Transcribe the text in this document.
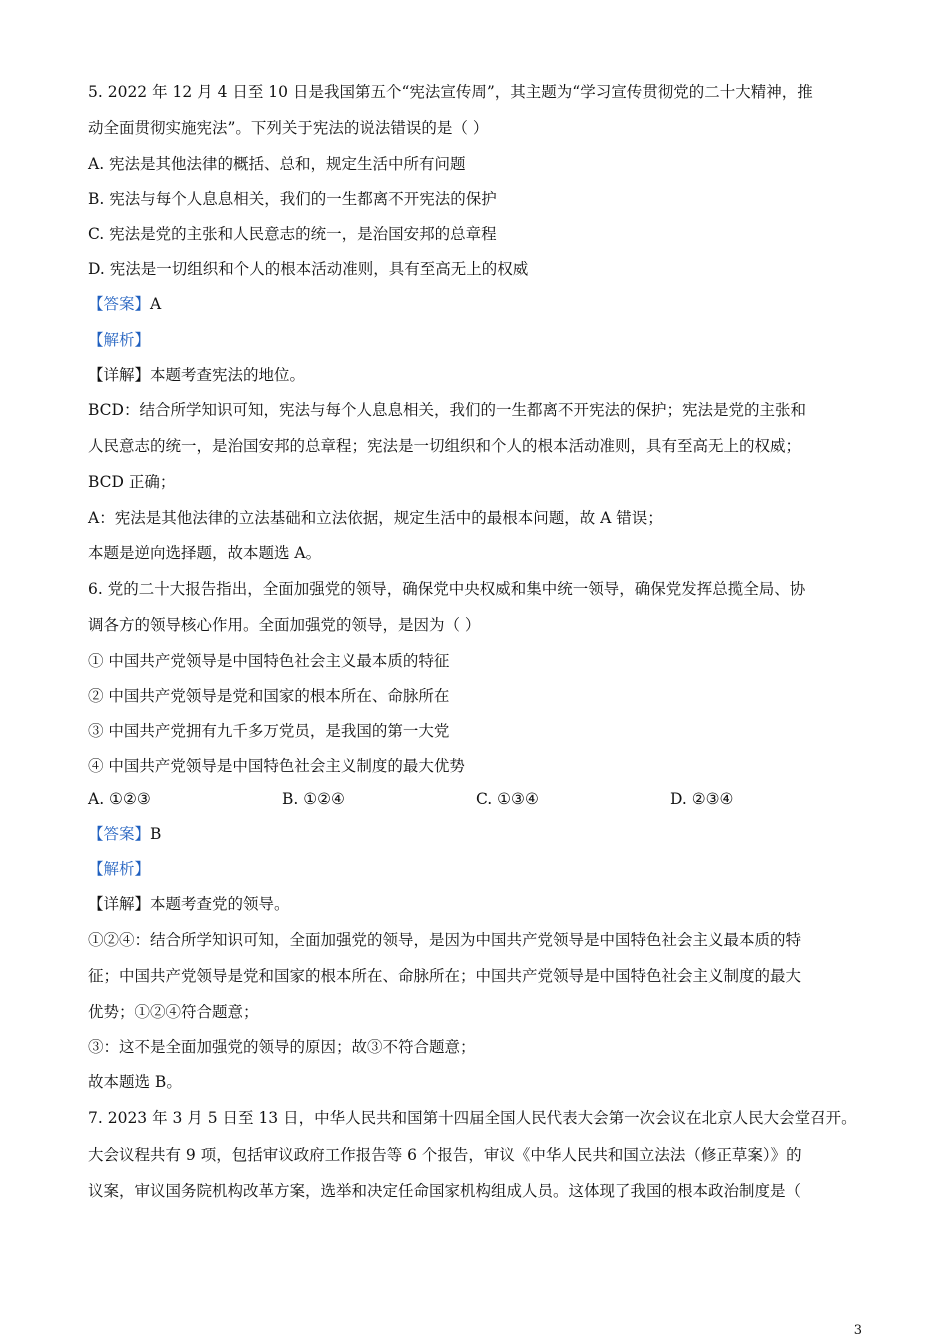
5. 2022 年 12 月 4 日至 10 日是我国第五个“宪法宣传周”，其主题为“学习宣传贯彻党的二十大精神，推
动全面贯彻实施宪法”。下列关于宪法的说法错误的是（ ）
A. 宪法是其他法律的概括、总和，规定生活中所有问题
B. 宪法与每个人息息相关，我们的一生都离不开宪法的保护
C. 宪法是党的主张和人民意志的统一，是治国安邦的总章程
D. 宪法是一切组织和个人的根本活动准则，具有至高无上的权威
【答案】A
【解析】
【详解】本题考查宪法的地位。
BCD：结合所学知识可知，宪法与每个人息息相关，我们的一生都离不开宪法的保护；宪法是党的主张和
人民意志的统一，是治国安邦的总章程；宪法是一切组织和个人的根本活动准则，具有至高无上的权威；
BCD 正确；
A：宪法是其他法律的立法基础和立法依据，规定生活中的最根本问题，故 A 错误；
本题是逆向选择题，故本题选 A。
6. 党的二十大报告指出，全面加强党的领导，确保党中央权威和集中统一领导，确保党发挥总揽全局、协
调各方的领导核心作用。全面加强党的领导，是因为（ ）
① 中国共产党领导是中国特色社会主义最本质的特征
② 中国共产党领导是党和国家的根本所在、命脉所在
③ 中国共产党拥有九千多万党员，是我国的第一大党
④ 中国共产党领导是中国特色社会主义制度的最大优势
A. ①②③	B. ①②④	C. ①③④	D. ②③④
【答案】B
【解析】
【详解】本题考查党的领导。
①②④：结合所学知识可知，全面加强党的领导，是因为中国共产党领导是中国特色社会主义最本质的特
征；中国共产党领导是党和国家的根本所在、命脉所在；中国共产党领导是中国特色社会主义制度的最大
优势；①②④符合题意；
③：这不是全面加强党的领导的原因；故③不符合题意；
故本题选 B。
7. 2023 年 3 月 5 日至 13 日，中华人民共和国第十四届全国人民代表大会第一次会议在北京人民大会堂召开。
大会议程共有 9 项，包括审议政府工作报告等 6 个报告，审议《中华人民共和国立法法（修正草案）》的
议案，审议国务院机构改革方案，选举和决定任命国家机构组成人员。这体现了我国的根本政治制度是（
3
